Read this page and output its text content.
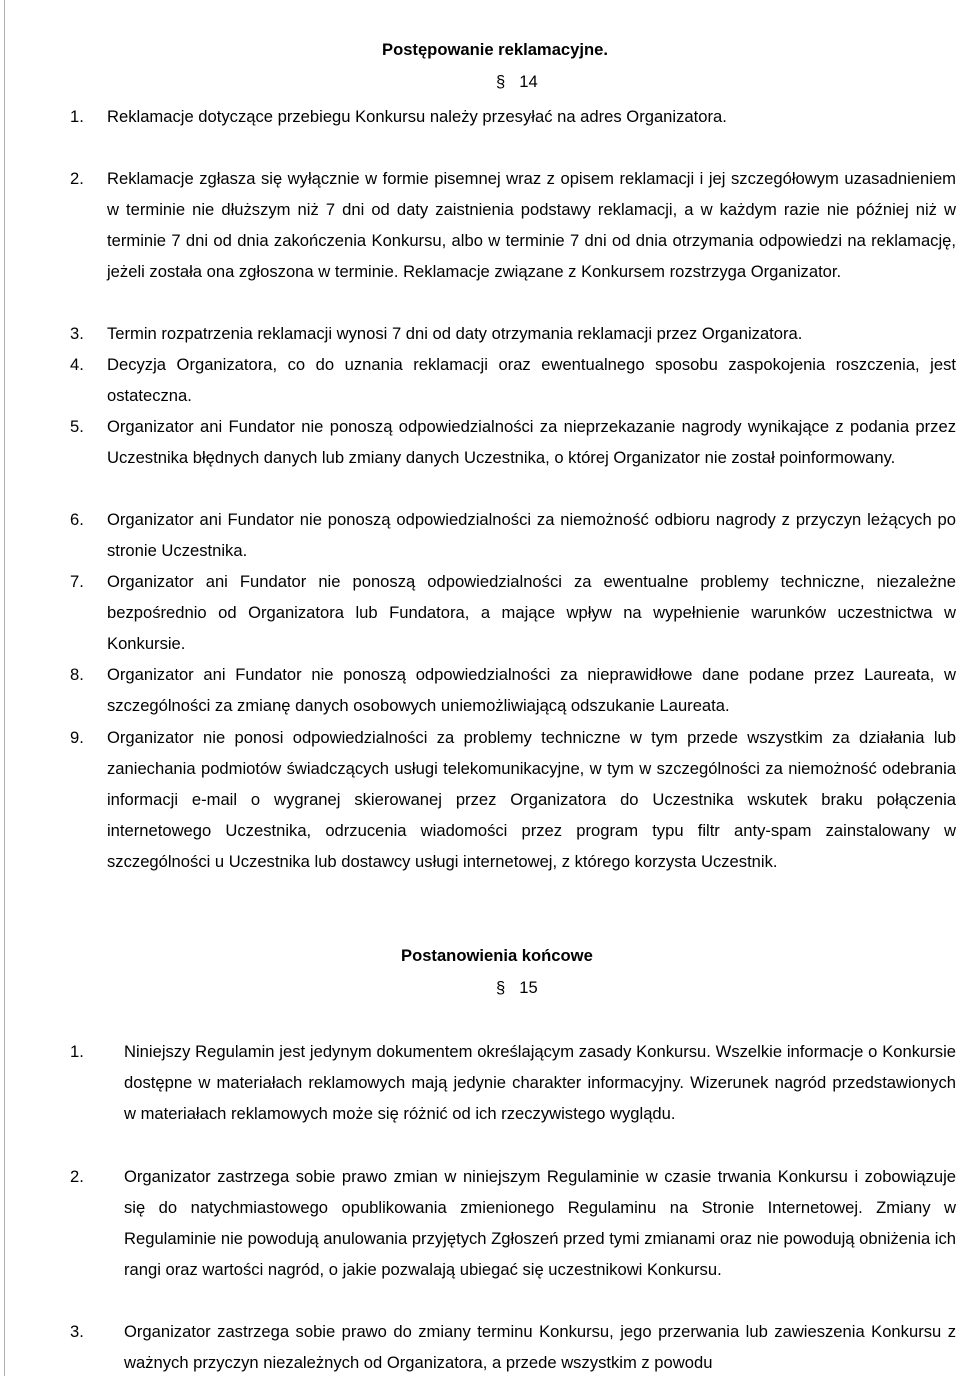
Postępowanie reklamacyjne.
§ 14
1. Reklamacje dotyczące przebiegu Konkursu należy przesyłać na adres Organizatora.
2. Reklamacje zgłasza się wyłącznie w formie pisemnej wraz z opisem reklamacji i jej szczegółowym uzasadnieniem w terminie nie dłuższym niż 7 dni od daty zaistnienia podstawy reklamacji, a w każdym razie nie później niż w terminie 7 dni od dnia zakończenia Konkursu, albo w terminie 7 dni od dnia otrzymania odpowiedzi na reklamację, jeżeli została ona zgłoszona w terminie. Reklamacje związane z Konkursem rozstrzyga Organizator.
3. Termin rozpatrzenia reklamacji wynosi 7 dni od daty otrzymania reklamacji przez Organizatora.
4. Decyzja Organizatora, co do uznania reklamacji oraz ewentualnego sposobu zaspokojenia roszczenia, jest ostateczna.
5. Organizator ani Fundator nie ponoszą odpowiedzialności za nieprzekazanie nagrody wynikające z podania przez Uczestnika błędnych danych lub zmiany danych Uczestnika, o której Organizator nie został poinformowany.
6. Organizator ani Fundator nie ponoszą odpowiedzialności za niemożność odbioru nagrody z przyczyn leżących po stronie Uczestnika.
7. Organizator ani Fundator nie ponoszą odpowiedzialności za ewentualne problemy techniczne, niezależne bezpośrednio od Organizatora lub Fundatora, a mające wpływ na wypełnienie warunków uczestnictwa w Konkursie.
8. Organizator ani Fundator nie ponoszą odpowiedzialności za nieprawidłowe dane podane przez Laureata, w szczególności za zmianę danych osobowych uniemożliwiającą odszukanie Laureata.
9. Organizator nie ponosi odpowiedzialności za problemy techniczne w tym przede wszystkim za działania lub zaniechania podmiotów świadczących usługi telekomunikacyjne, w tym w szczególności za niemożność odebrania informacji e-mail o wygranej skierowanej przez Organizatora do Uczestnika wskutek braku połączenia internetowego Uczestnika, odrzucenia wiadomości przez program typu filtr anty-spam zainstalowany w szczególności u Uczestnika lub dostawcy usługi internetowej, z którego korzysta Uczestnik.
Postanowienia końcowe
§ 15
1. Niniejszy Regulamin jest jedynym dokumentem określającym zasady Konkursu. Wszelkie informacje o Konkursie dostępne w materiałach reklamowych mają jedynie charakter informacyjny. Wizerunek nagród przedstawionych w materiałach reklamowych może się różnić od ich rzeczywistego wyglądu.
2. Organizator zastrzega sobie prawo zmian w niniejszym Regulaminie w czasie trwania Konkursu i zobowiązuje się do natychmiastowego opublikowania zmienionego Regulaminu na Stronie Internetowej. Zmiany w Regulaminie nie powodują anulowania przyjętych Zgłoszeń przed tymi zmianami oraz nie powodują obniżenia ich rangi oraz wartości nagród, o jakie pozwalają ubiegać się uczestnikowi Konkursu.
3. Organizator zastrzega sobie prawo do zmiany terminu Konkursu, jego przerwania lub zawieszenia Konkursu z ważnych przyczyn niezależnych od Organizatora, a przede wszystkim z powodu
